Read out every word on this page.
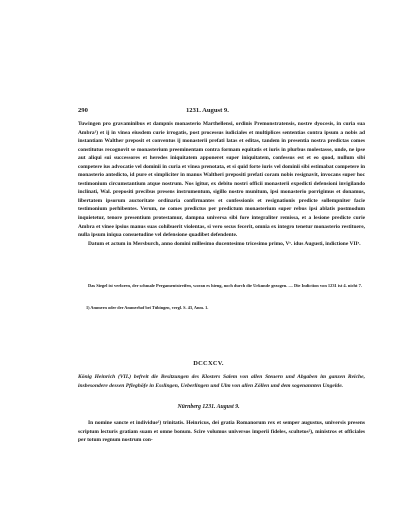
290	1231. August 9.

Tuwingen pro gravaminibus et dampnis monasterio Marthellensi, ordinis Premonstratensis, nostre dyocesis, in curia sua Ambra¹) et ij in vinea eiusdem curie irrogatis, post processus iudiciales et multiplices sententias contra ipsum a nobis ad instantiam Walther preposit et conventus ij monasterii prefati latas et editas, tandem in presentia nostra predictas comes constitutus recognovit se monasterium preeminentam contra formam equitatis et iuris in plurbus molestasse, unde, ne ipse aut aliqui sui successores et heredes iniquitatem apponeret super iniquitatem, confessus est et eo quod, nullum sibi competere ius advocatie vel dominii in curia et vinea prenotata, et si quid forte iuris vel dominii sibi estimabat competere in monasterio antedicto, id pure et simpliciter in manus Waltheri prepositi prefati coram nobis resignavit, invocans super hoc testimonium circumstantium atque nostrum. Nos igitur, ex debito nostri officii monasterii expedicti defensioni invigilando inclinati, Wal. prepositi precibus presens instrumentum, sigillo nostro munitum, ipsi monasterio porrigimus et donamus, libertatem ipsorum auctoritate ordinaria confirmantes et confessionis et resignationis predicte sollempniter facie testimonium perhibentes. Verum, ne comes predictus per predictum monasterium super rebus ipsi ablatis postmodum inquietetur, tenore presentium protestamur, dampna universa sibi fore integraliter remissa, et a lesione predicte curie Ambra et vinee ipsius manus suas cohibuerit violentas, si vero secus fecerit, omnia ex integro tenetur monasterio restituere, nulla ipsum iniqua consuetudine vel defensione quadibet defendente.

Datum et actum in Mersburch, anno domini millesimo ducentesimo tricesimo primo, Vᵒ. idus Augusti, indictione VIIᵃ.

Das Siegel ist verloren, der schmale Pergamentstreifen, woran es hieng, noch durch die Urkunde gezogen. — Die Indiction von 1231 ist 4. nicht 7.

1) Ammern oder der Ammerhof bei Tübingen, vergl. S. 43, Anm. 1.
DCCXCV.
König Heinrich (VII.) befreit die Besitzungen des Klosters Salem von allen Steuern und Abgaben im ganzen Reiche, insbesondere dessen Pfleghöfe in Esslingen, Ueberlingen und Ulm von allen Zöllen und dem sogenannten Ungelde.
Nürnberg 1231. August 9.

In nomine sancte et individue¹) trinitatis. Heinricus, dei gratia Romanorum rex et semper augustus, universis presens scriptum lecturis gratiam suam et omne bonum. Scire volumus universos imperii fideles, scultetos²), ministros et officiales per totum regnum nostrum con-
